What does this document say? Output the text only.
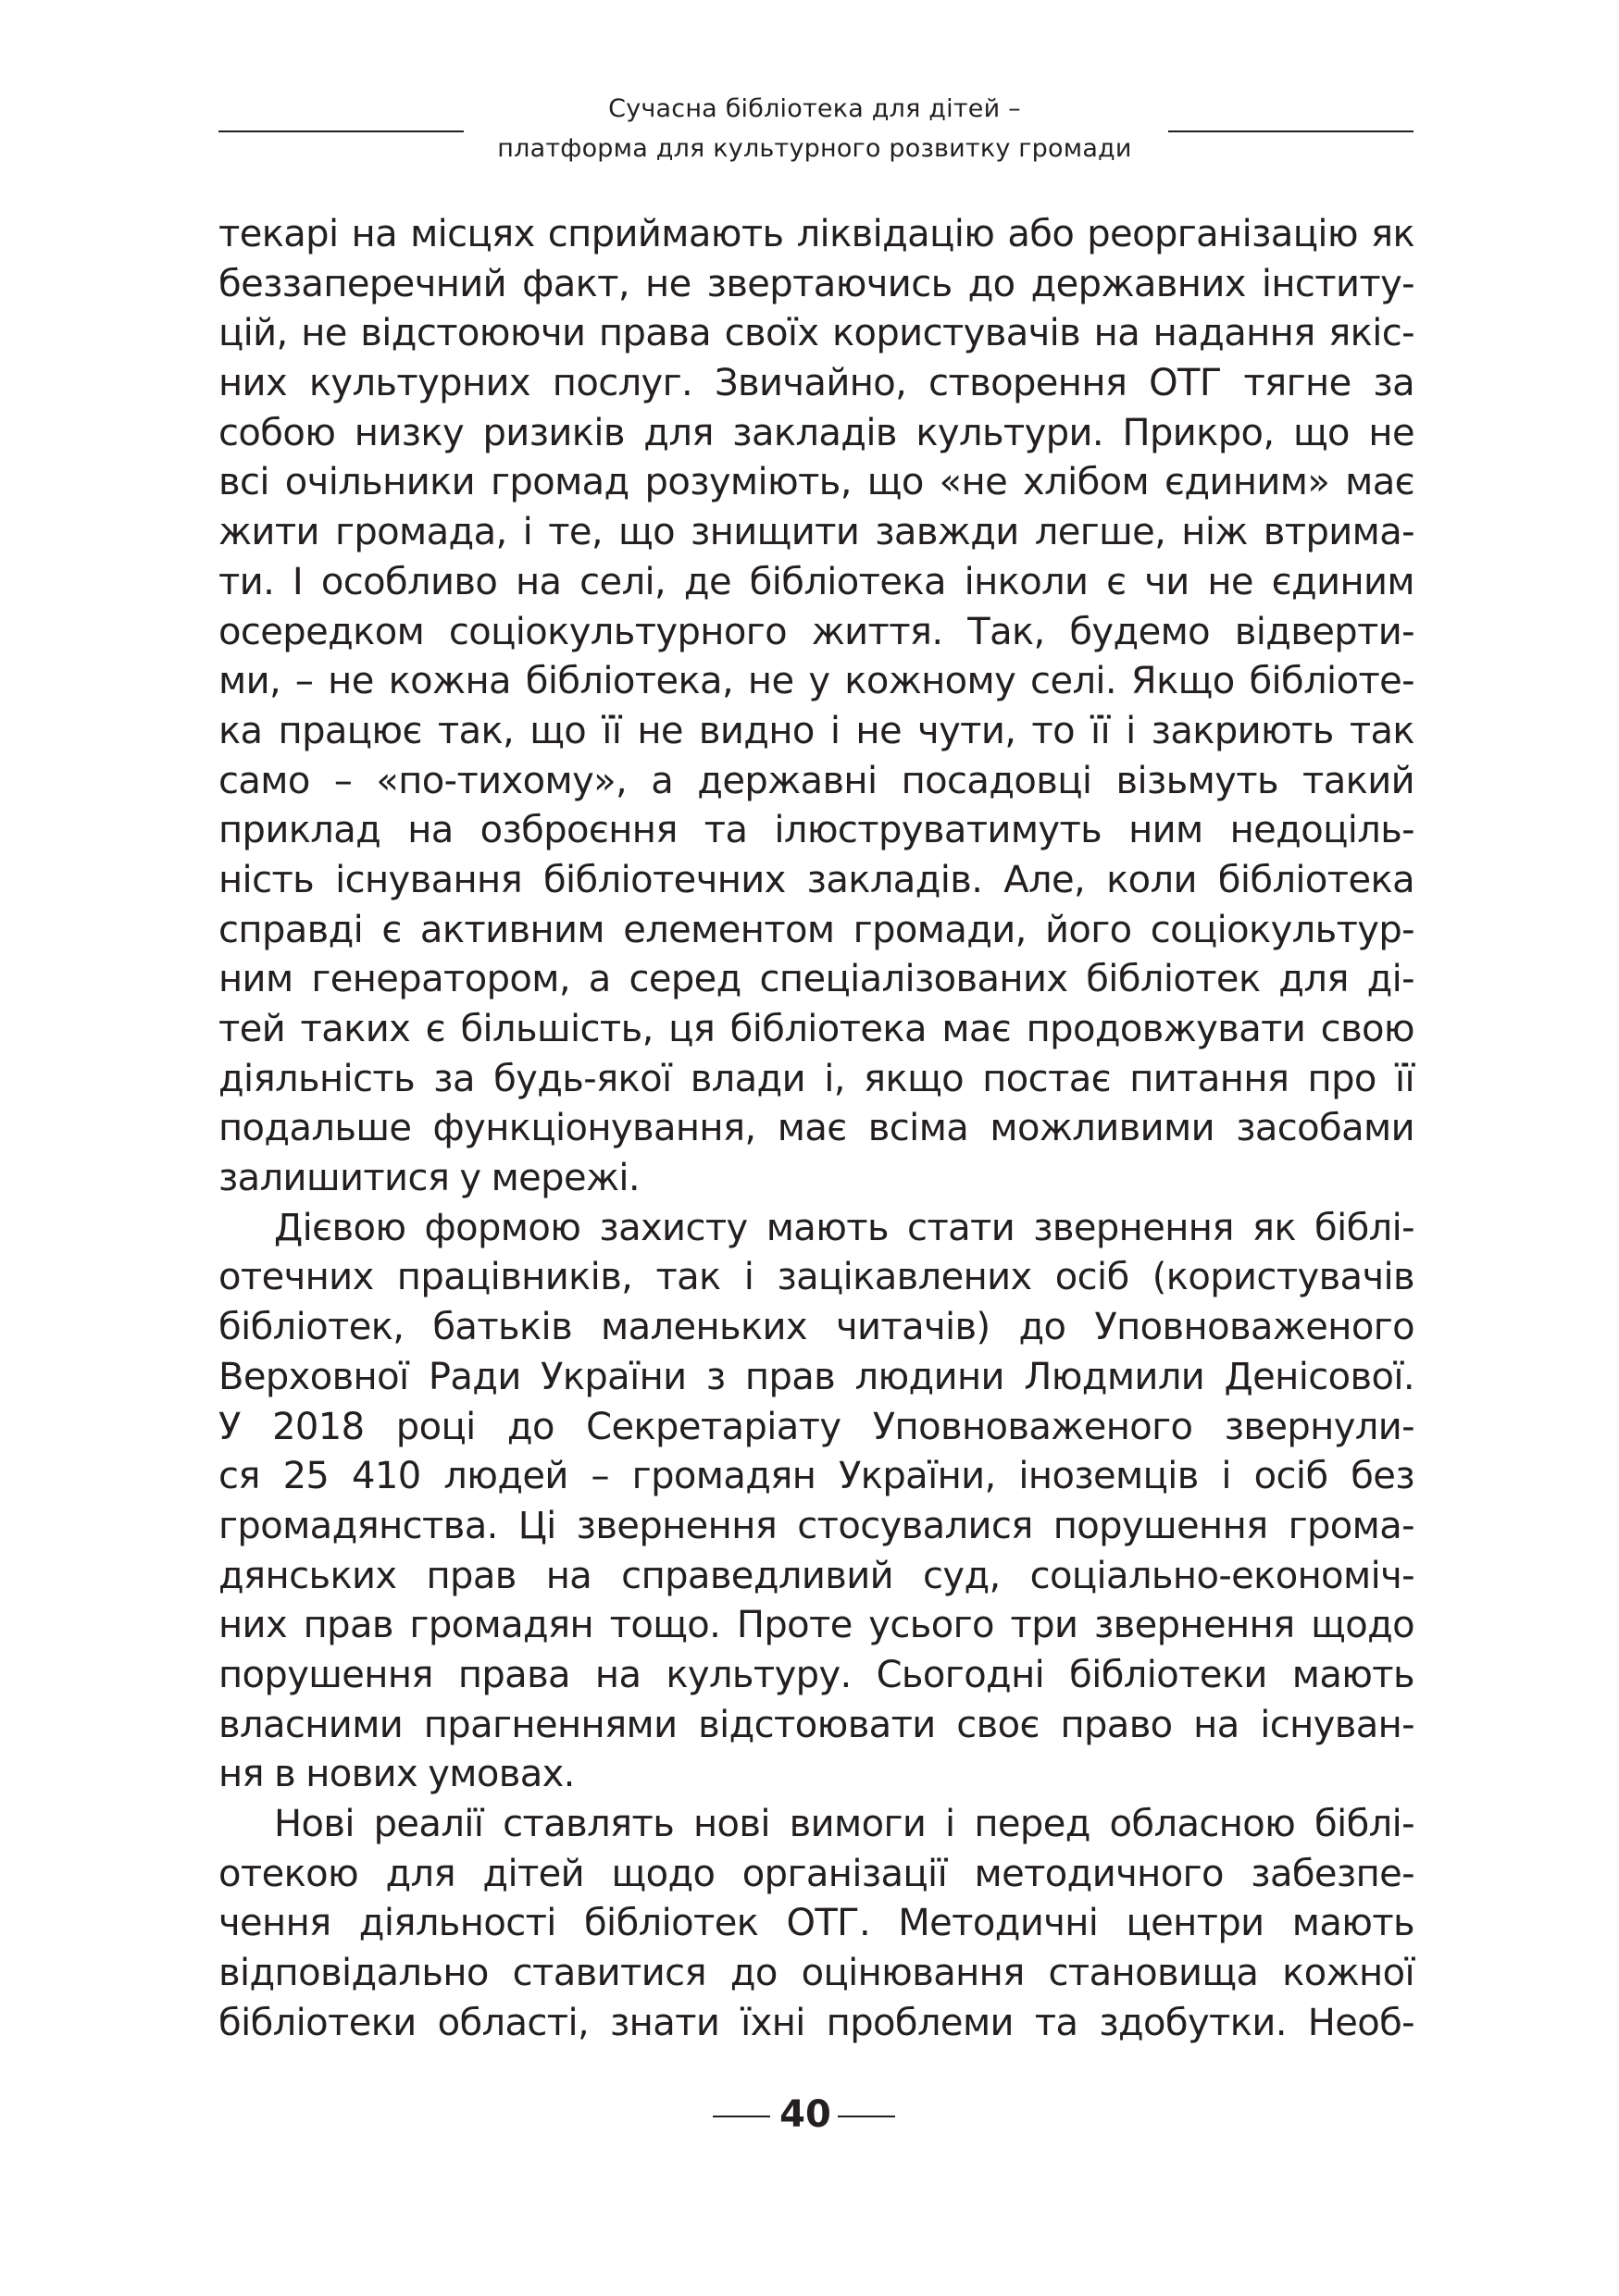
Сучасна бібліотека для дітей –
платформа для культурного розвитку громади
текарі на місцях сприймають ліквідацію або реорганізацію як
беззаперечний факт, не звертаючись до державних інститу-
цій, не відстоюючи права своїх користувачів на надання якіс-
них культурних послуг. Звичайно, створення ОТГ тягне за
собою низку ризиків для закладів культури. Прикро, що не
всі очільники громад розуміють, що «не хлібом єдиним» має
жити громада, і те, що знищити завжди легше, ніж втрима-
ти. І особливо на селі, де бібліотека інколи є чи не єдиним
осередком соціокультурного життя. Так, будемо відверти-
ми, – не кожна бібліотека, не у кожному селі. Якщо бібліоте-
ка працює так, що її не видно і не чути, то її і закриють так
само – «по-тихому», а державні посадовці візьмуть такий
приклад на озброєння та ілюструватимуть ним недоціль-
ність існування бібліотечних закладів. Але, коли бібліотека
справді є активним елементом громади, його соціокультур-
ним генератором, а серед спеціалізованих бібліотек для ді-
тей таких є більшість, ця бібліотека має продовжувати свою
діяльність за будь-якої влади і, якщо постає питання про її
подальше функціонування, має всіма можливими засобами
залишитися у мережі.
Дієвою формою захисту мають стати звернення як біблі-
отечних працівників, так і зацікавлених осіб (користувачів
бібліотек, батьків маленьких читачів) до Уповноваженого
Верховної Ради України з прав людини Людмили Денісової.
У 2018 році до Секретаріату Уповноваженого звернули-
ся 25 410 людей – громадян України, іноземців і осіб без
громадянства. Ці звернення стосувалися порушення грома-
дянських прав на справедливий суд, соціально-економіч-
них прав громадян тощо. Проте усього три звернення щодо
порушення права на культуру. Сьогодні бібліотеки мають
власними прагненнями відстоювати своє право на існуван-
ня в нових умовах.
Нові реалії ставлять нові вимоги і перед обласною біблі-
отекою для дітей щодо організації методичного забезпе-
чення діяльності бібліотек ОТГ. Методичні центри мають
відповідально ставитися до оцінювання становища кожної
бібліотеки області, знати їхні проблеми та здобутки. Необ-
40
